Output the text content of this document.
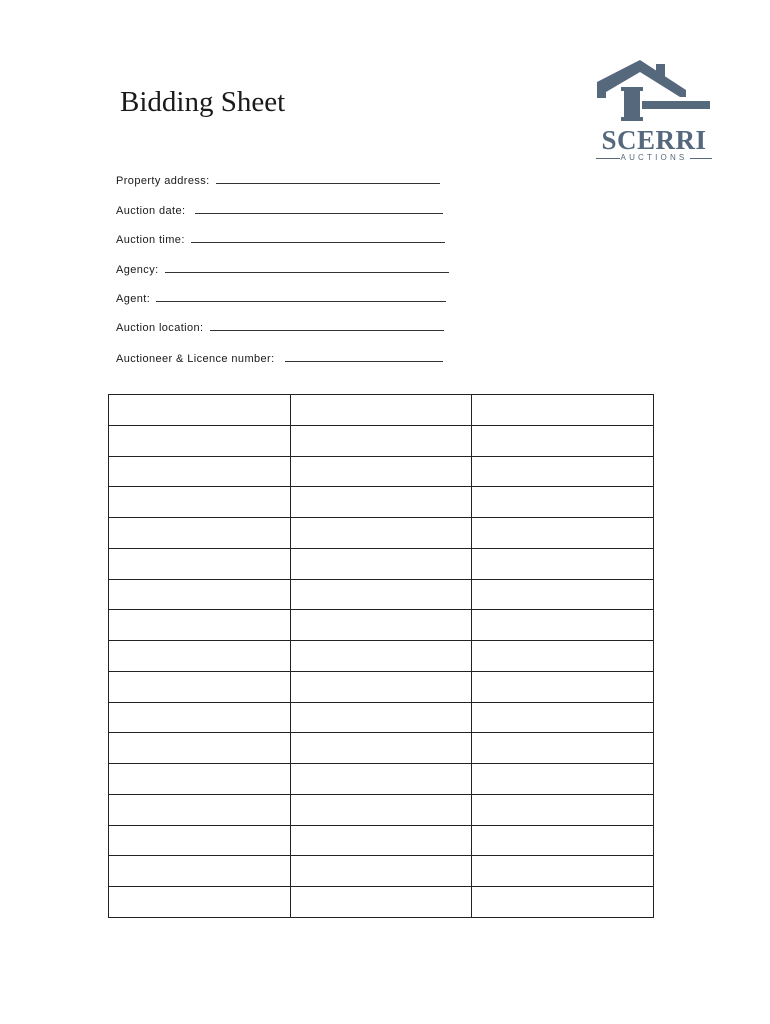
Bidding Sheet
SCERRI
AUCTIONS
Property address:
Auction date:
Auction time:
Agency:
Agent:
Auction location:
Auctioneer & Licence number:
